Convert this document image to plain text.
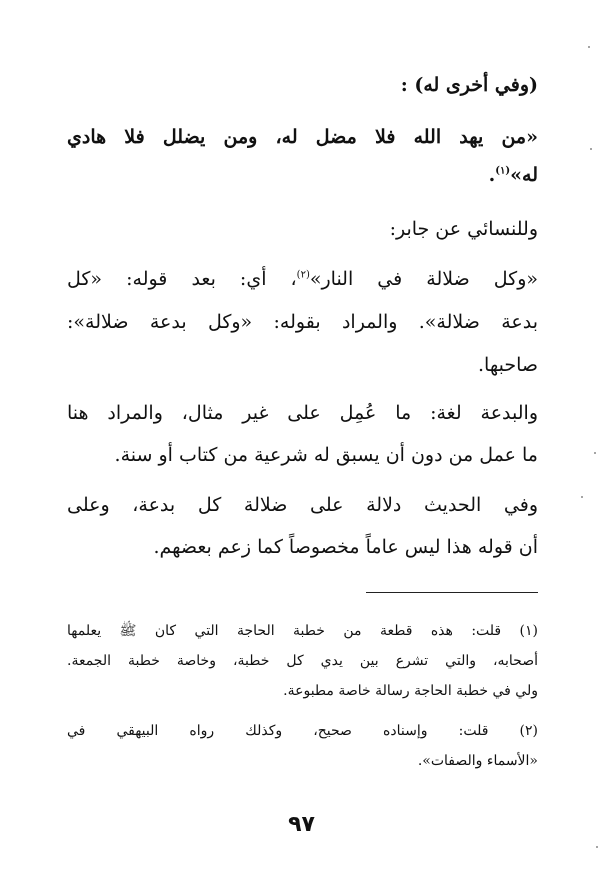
(وفي أخرى له) :

«من يهد الله فلا مضل له، ومن يضلل فلا هادي

له»$^{(١)}$.

وللنسائي عن جابر:

«وكل ضلالة في النار»$^{(٢)}$، أي: بعد قوله: «كل

بدعة ضلالة». والمراد بقوله: «وكل بدعة ضلالة»:

صاحبها.

والبدعة لغة: ما عُمِل على غير مثال، والمراد هنا

ما عمل من دون أن يسبق له شرعية من كتاب أو سنة.

وفي الحديث دلالة على ضلالة كل بدعة، وعلى

أن قوله هذا ليس عاماً مخصوصاً كما زعم بعضهم.

(١) قلت: هذه قطعة من خطبة الحاجة التي كان ﷺ يعلمها

أصحابه، والتي تشرع بين يدي كل خطبة، وخاصة خطبة الجمعة.

ولي في خطبة الحاجة رسالة خاصة مطبوعة.

(٢) قلت: وإسناده صحيح، وكذلك رواه البيهقي في

«الأسماء والصفات».

٩٧
